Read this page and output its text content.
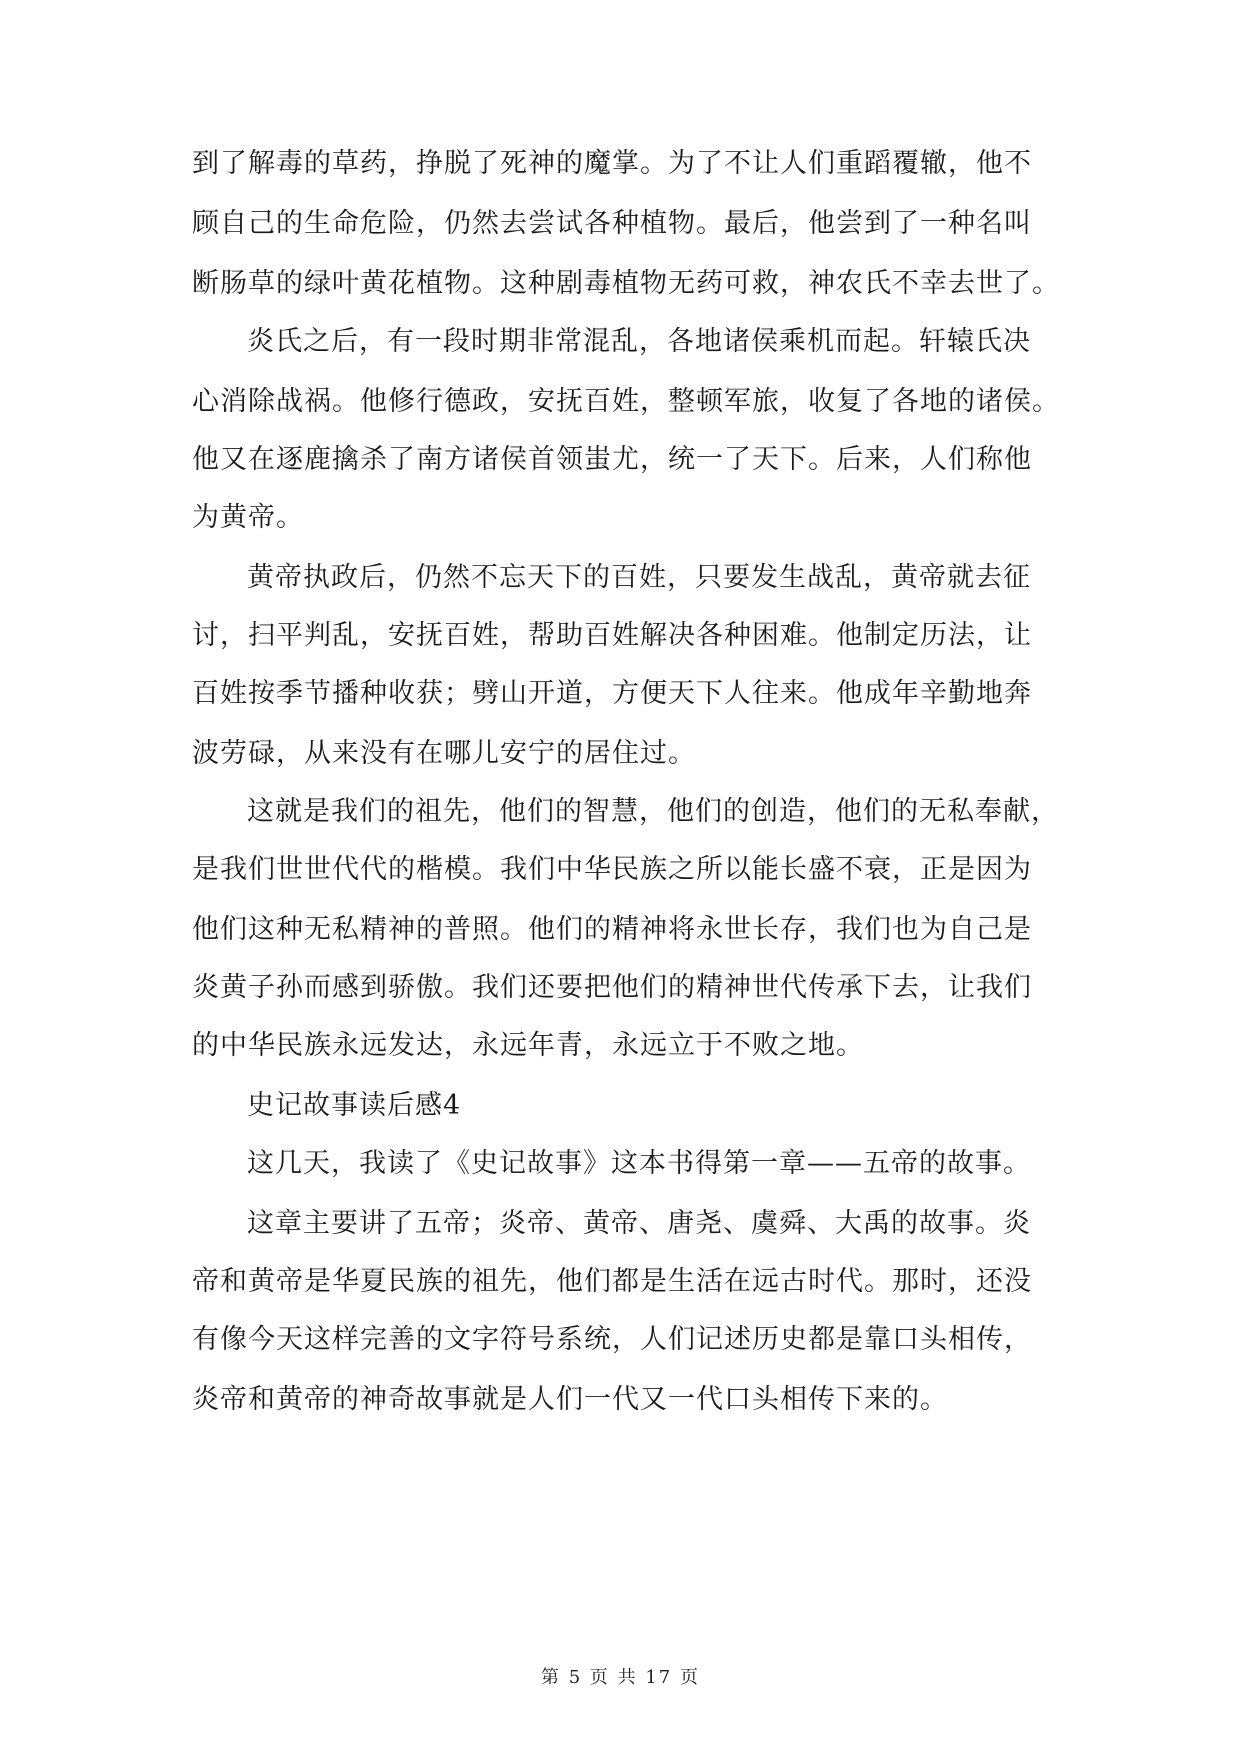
到了解毒的草药，挣脱了死神的魔掌。为了不让人们重蹈覆辙，他不
顾自己的生命危险，仍然去尝试各种植物。最后，他尝到了一种名叫
断肠草的绿叶黄花植物。这种剧毒植物无药可救，神农氏不幸去世了。
炎氏之后，有一段时期非常混乱，各地诸侯乘机而起。轩辕氏决
心消除战祸。他修行德政，安抚百姓，整顿军旅，收复了各地的诸侯。
他又在逐鹿擒杀了南方诸侯首领蚩尤，统一了天下。后来，人们称他
为黄帝。
黄帝执政后，仍然不忘天下的百姓，只要发生战乱，黄帝就去征
讨，扫平判乱，安抚百姓，帮助百姓解决各种困难。他制定历法，让
百姓按季节播种收获；劈山开道，方便天下人往来。他成年辛勤地奔
波劳碌，从来没有在哪儿安宁的居住过。
这就是我们的祖先，他们的智慧，他们的创造，他们的无私奉献，
是我们世世代代的楷模。我们中华民族之所以能长盛不衰，正是因为
他们这种无私精神的普照。他们的精神将永世长存，我们也为自己是
炎黄子孙而感到骄傲。我们还要把他们的精神世代传承下去，让我们
的中华民族永远发达，永远年青，永远立于不败之地。
史记故事读后感4
这几天，我读了《史记故事》这本书得第一章——五帝的故事。
这章主要讲了五帝；炎帝、黄帝、唐尧、虞舜、大禹的故事。炎
帝和黄帝是华夏民族的祖先，他们都是生活在远古时代。那时，还没
有像今天这样完善的文字符号系统，人们记述历史都是靠口头相传，
炎帝和黄帝的神奇故事就是人们一代又一代口头相传下来的。
第 5 页 共 17 页
